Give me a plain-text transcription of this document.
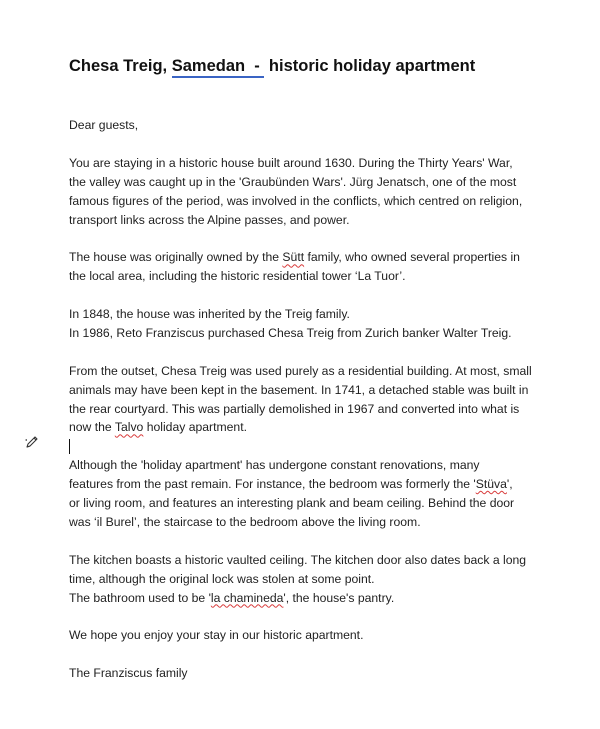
Chesa Treig, Samedan  -  historic holiday apartment

Dear guests,

You are staying in a historic house built around 1630. During the Thirty Years' War,
the valley was caught up in the 'Graubünden Wars'. Jürg Jenatsch, one of the most
famous figures of the period, was involved in the conflicts, which centred on religion,
transport links across the Alpine passes, and power.

The house was originally owned by the Sütt family, who owned several properties in
the local area, including the historic residential tower ‘La Tuor’.

In 1848, the house was inherited by the Treig family.
In 1986, Reto Franziscus purchased Chesa Treig from Zurich banker Walter Treig.

From the outset, Chesa Treig was used purely as a residential building. At most, small
animals may have been kept in the basement. In 1741, a detached stable was built in
the rear courtyard. This was partially demolished in 1967 and converted into what is
now the Talvo holiday apartment.

Although the 'holiday apartment' has undergone constant renovations, many
features from the past remain. For instance, the bedroom was formerly the 'Stüva',
or living room, and features an interesting plank and beam ceiling. Behind the door
was ‘il Burel’, the staircase to the bedroom above the living room.

The kitchen boasts a historic vaulted ceiling. The kitchen door also dates back a long
time, although the original lock was stolen at some point.
The bathroom used to be 'la chamineda', the house's pantry.

We hope you enjoy your stay in our historic apartment.

The Franziscus family
